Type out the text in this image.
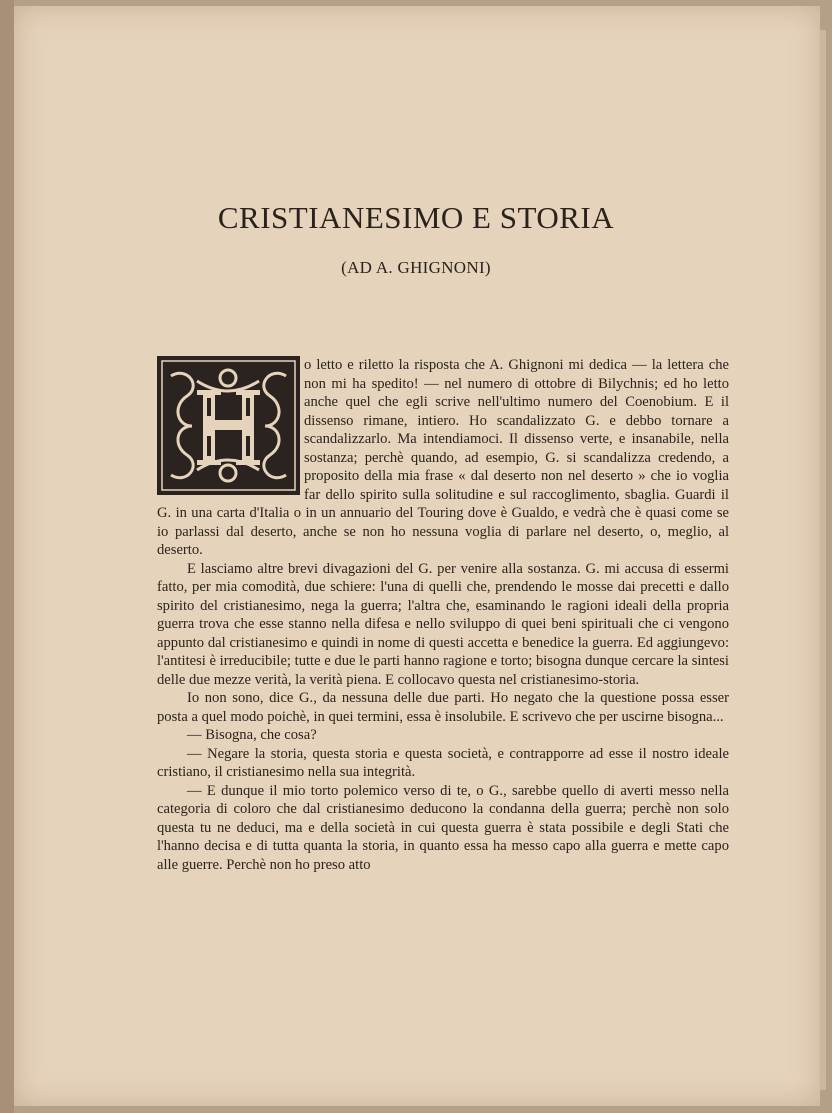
CRISTIANESIMO E STORIA
(AD A. GHIGNONI)

o letto e riletto la risposta che A. Ghignoni mi dedica — la lettera che non mi ha spedito! — nel numero di ottobre di Bilychnis; ed ho letto anche quel che egli scrive nell'ultimo numero del Coenobium. E il dissenso rimane, intiero. Ho scandalizzato G. e debbo tornare a scandalizzarlo. Ma intendiamoci. Il dissenso verte, e insanabile, nella sostanza; perchè quando, ad esempio, G. si scandalizza credendo, a proposito della mia frase « dal deserto non nel deserto » che io voglia far dello spirito sulla solitudine e sul raccoglimento, sbaglia. Guardi il G. in una carta d'Italia o in un annuario del Touring dove è Gualdo, e vedrà che è quasi come se io parlassi dal deserto, anche se non ho nessuna voglia di parlare nel deserto, o, meglio, al deserto.

E lasciamo altre brevi divagazioni del G. per venire alla sostanza. G. mi accusa di essermi fatto, per mia comodità, due schiere: l'una di quelli che, prendendo le mosse dai precetti e dallo spirito del cristianesimo, nega la guerra; l'altra che, esaminando le ragioni ideali della propria guerra trova che esse stanno nella difesa e nello sviluppo di quei beni spirituali che ci vengono appunto dal cristianesimo e quindi in nome di questi accetta e benedice la guerra. Ed aggiungevo: l'antitesi è irreducibile; tutte e due le parti hanno ragione e torto; bisogna dunque cercare la sintesi delle due mezze verità, la verità piena. E collocavo questa nel cristianesimo-storia.

Io non sono, dice G., da nessuna delle due parti. Ho negato che la questione possa esser posta a quel modo poichè, in quei termini, essa è insolubile. E scrivevo che per uscirne bisogna...

— Bisogna, che cosa?

— Negare la storia, questa storia e questa società, e contrapporre ad esse il nostro ideale cristiano, il cristianesimo nella sua integrità.

— E dunque il mio torto polemico verso di te, o G., sarebbe quello di averti messo nella categoria di coloro che dal cristianesimo deducono la condanna della guerra; perchè non solo questa tu ne deduci, ma e della società in cui questa guerra è stata possibile e degli Stati che l'hanno decisa e di tutta quanta la storia, in quanto essa ha messo capo alla guerra e mette capo alle guerre. Perchè non ho preso atto
